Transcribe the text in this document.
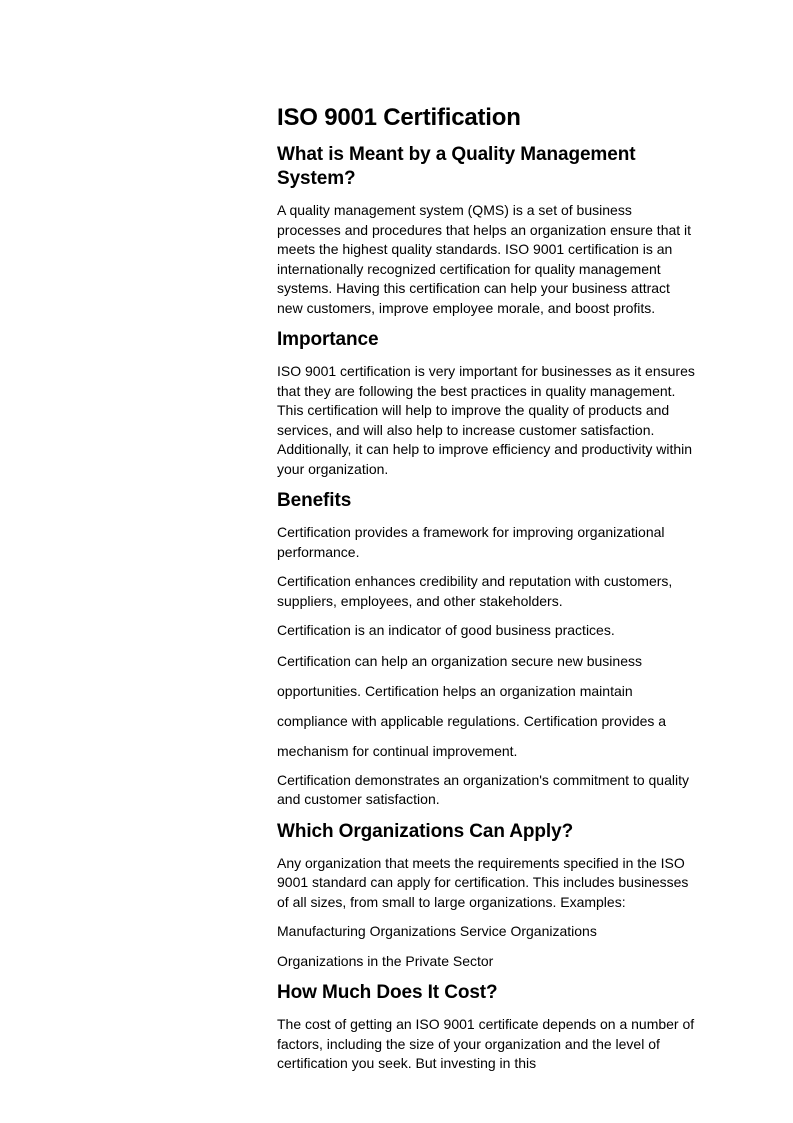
ISO 9001 Certification
What is Meant by a Quality Management System?

A quality management system (QMS) is a set of business processes and procedures that helps an organization ensure that it meets the highest quality standards. ISO 9001 certification is an internationally recognized certification for quality management systems. Having this certification can help your business attract new customers, improve employee morale, and boost profits.

Importance

ISO 9001 certification is very important for businesses as it ensures that they are following the best practices in quality management. This certification will help to improve the quality of products and services, and will also help to increase customer satisfaction. Additionally, it can help to improve efficiency and productivity within your organization.

Benefits

Certification provides a framework for improving organizational performance.

Certification enhances credibility and reputation with customers, suppliers, employees, and other stakeholders.

Certification is an indicator of good business practices.

Certification can help an organization secure new business opportunities. Certification helps an organization maintain compliance with applicable regulations. Certification provides a mechanism for continual improvement.

Certification demonstrates an organization's commitment to quality and customer satisfaction.

Which Organizations Can Apply?

Any organization that meets the requirements specified in the ISO 9001 standard can apply for certification. This includes businesses of all sizes, from small to large organizations. Examples:

Manufacturing Organizations Service Organizations

Organizations in the Private Sector

How Much Does It Cost?

The cost of getting an ISO 9001 certificate depends on a number of factors, including the size of your organization and the level of certification you seek. But investing in this
